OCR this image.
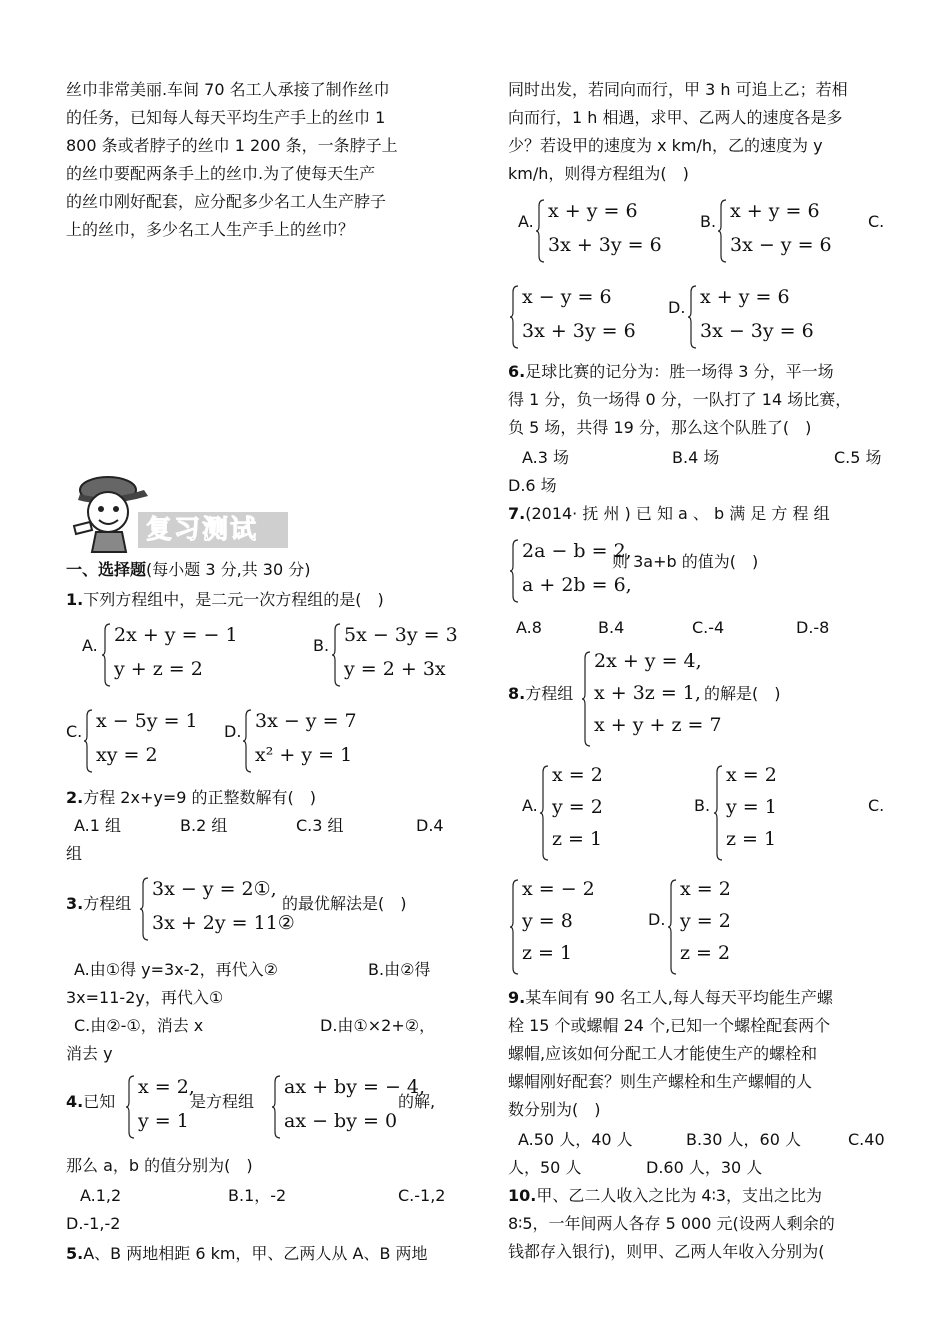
丝巾非常美丽.车间 70 名工人承接了制作丝巾
的任务，已知每人每天平均生产手上的丝巾 1
800 条或者脖子的丝巾 1 200 条，一条脖子上
的丝巾要配两条手上的丝巾.为了使每天生产
的丝巾刚好配套，应分配多少名工人生产脖子
上的丝巾，多少名工人生产手上的丝巾？
复习测试
一、选择题(每小题 3 分,共 30 分)
1.下列方程组中，是二元一次方程组的是(　)
A. 2x + y = − 1
y + z = 2
B. 5x − 3y = 3
y = 2 + 3x
C. x − 5y = 1
xy = 2
D. 3x − y = 7
x² + y = 1
2.方程 2x+y=9 的正整数解有(　)
A.1 组	B.2 组	C.3 组	D.4
组
3.方程组
3x − y = 2①,
3x + 2y = 11②
的最优解法是(　)
A.由①得 y=3x-2，再代入②	B.由②得
3x=11-2y，再代入①
C.由②-①，消去 x	D.由①×2+②，
消去 y
4.已知
x = 2,
y = 1
是方程组
ax + by = − 4,
ax − by = 0
的解,
那么 a，b 的值分别为(　)
A.1,2	B.1，-2	C.-1,2
D.-1,-2
5.A、B 两地相距 6 km，甲、乙两人从 A、B 两地
同时出发，若同向而行，甲 3 h 可追上乙；若相
向而行，1 h 相遇，求甲、乙两人的速度各是多
少？若设甲的速度为 x km/h，乙的速度为 y
km/h，则得方程组为(　)
A. x + y = 6
3x + 3y = 6
B. x + y = 6
3x − y = 6
C.
x − y = 6
3x + 3y = 6
D. x + y = 6
3x − 3y = 6
6.足球比赛的记分为：胜一场得 3 分，平一场
得 1 分，负一场得 0 分，一队打了 14 场比赛，
负 5 场，共得 19 分，那么这个队胜了(　)
A.3 场	B.4 场	C.5 场
D.6 场
7.(2014· 抚 州 ) 已 知 a 、 b 满 足 方 程 组
2a − b = 2,
a + 2b = 6,
则 3a+b 的值为(　)
A.8	B.4	C.-4	D.-8
8.方程组
2x + y = 4,
x + 3z = 1,
x + y + z = 7
的解是(　)
A.
x = 2
y = 2
z = 1
B.
x = 2
y = 1
z = 1
C.
x = − 2
y = 8
z = 1
D.
x = 2
y = 2
z = 2
9.某车间有 90 名工人,每人每天平均能生产螺
栓 15 个或螺帽 24 个,已知一个螺栓配套两个
螺帽,应该如何分配工人才能使生产的螺栓和
螺帽刚好配套？则生产螺栓和生产螺帽的人
数分别为(　)
A.50 人，40 人	B.30 人，60 人	C.40
人，50 人	D.60 人，30 人
10.甲、乙二人收入之比为 4∶3，支出之比为
8∶5，一年间两人各存 5 000 元(设两人剩余的
钱都存入银行)，则甲、乙两人年收入分别为(
